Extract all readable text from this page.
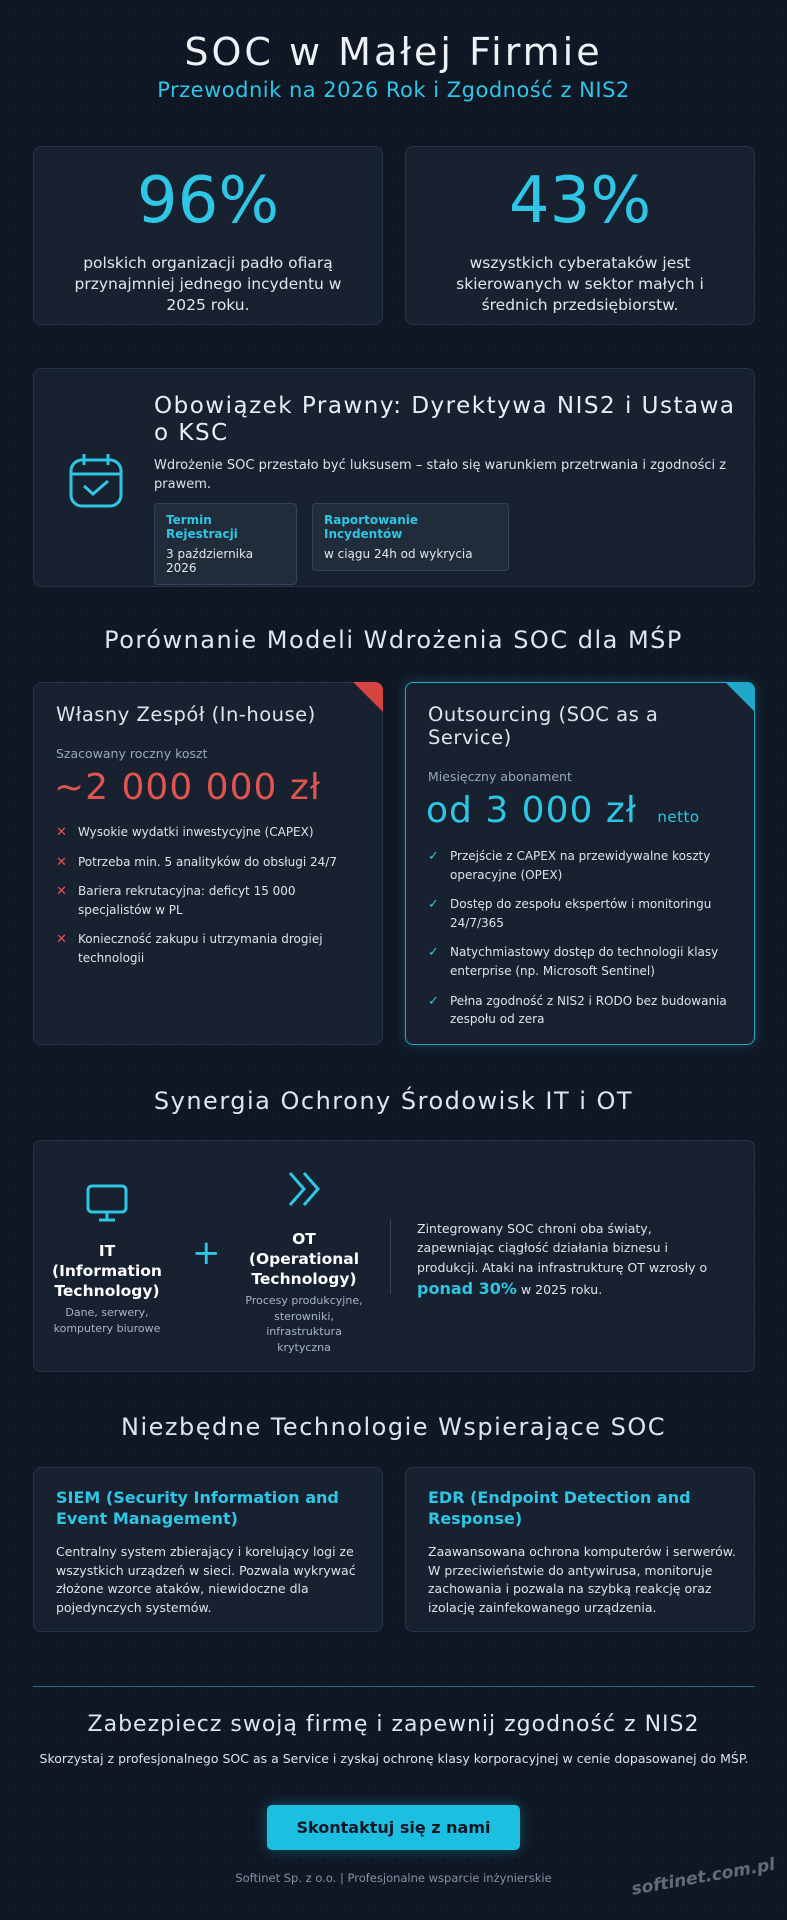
SOC w Małej Firmie
Przewodnik na 2026 Rok i Zgodność z NIS2
96%
polskich organizacji padło ofiarą przynajmniej jednego incydentu w 2025 roku.
43%
wszystkich cyberataków jest skierowanych w sektor małych i średnich przedsiębiorstw.
Obowiązek Prawny: Dyrektywa NIS2 i Ustawa o KSC
Wdrożenie SOC przestało być luksusem – stało się warunkiem przetrwania i zgodności z prawem.
Termin Rejestracji
3 października 2026
Raportowanie Incydentów
w ciągu 24h od wykrycia
Porównanie Modeli Wdrożenia SOC dla MŚP
Własny Zespół (In-house)
Szacowany roczny koszt
~2 000 000 zł
✕ Wysokie wydatki inwestycyjne (CAPEX)
✕ Potrzeba min. 5 analityków do obsługi 24/7
✕ Bariera rekrutacyjna: deficyt 15 000 specjalistów w PL
✕ Konieczność zakupu i utrzymania drogiej technologii
Outsourcing (SOC as a Service)
Miesięczny abonament
od 3 000 zł netto
✓ Przejście z CAPEX na przewidywalne koszty operacyjne (OPEX)
✓ Dostęp do zespołu ekspertów i monitoringu 24/7/365
✓ Natychmiastowy dostęp do technologii klasy enterprise (np. Microsoft Sentinel)
✓ Pełna zgodność z NIS2 i RODO bez budowania zespołu od zera
Synergia Ochrony Środowisk IT i OT
IT (Information Technology)
Dane, serwery, komputery biurowe
+	OT (Operational Technology)
Procesy produkcyjne, sterowniki, infrastruktura krytyczna
Zintegrowany SOC chroni oba światy, zapewniając ciągłość działania biznesu i produkcji. Ataki na infrastrukturę OT wzrosły o ponad 30% w 2025 roku.
Niezbędne Technologie Wspierające SOC
SIEM (Security Information and Event Management)
Centralny system zbierający i korelujący logi ze wszystkich urządzeń w sieci. Pozwala wykrywać złożone wzorce ataków, niewidoczne dla pojedynczych systemów.
EDR (Endpoint Detection and Response)
Zaawansowana ochrona komputerów i serwerów. W przeciwieństwie do antywirusa, monitoruje zachowania i pozwala na szybką reakcję oraz izolację zainfekowanego urządzenia.
Zabezpiecz swoją firmę i zapewnij zgodność z NIS2
Skorzystaj z profesjonalnego SOC as a Service i zyskaj ochronę klasy korporacyjnej w cenie dopasowanej do MŚP.
Skontaktuj się z nami
Softinet Sp. z o.o. | Profesjonalne wsparcie inżynierskie	softinet.com.pl
